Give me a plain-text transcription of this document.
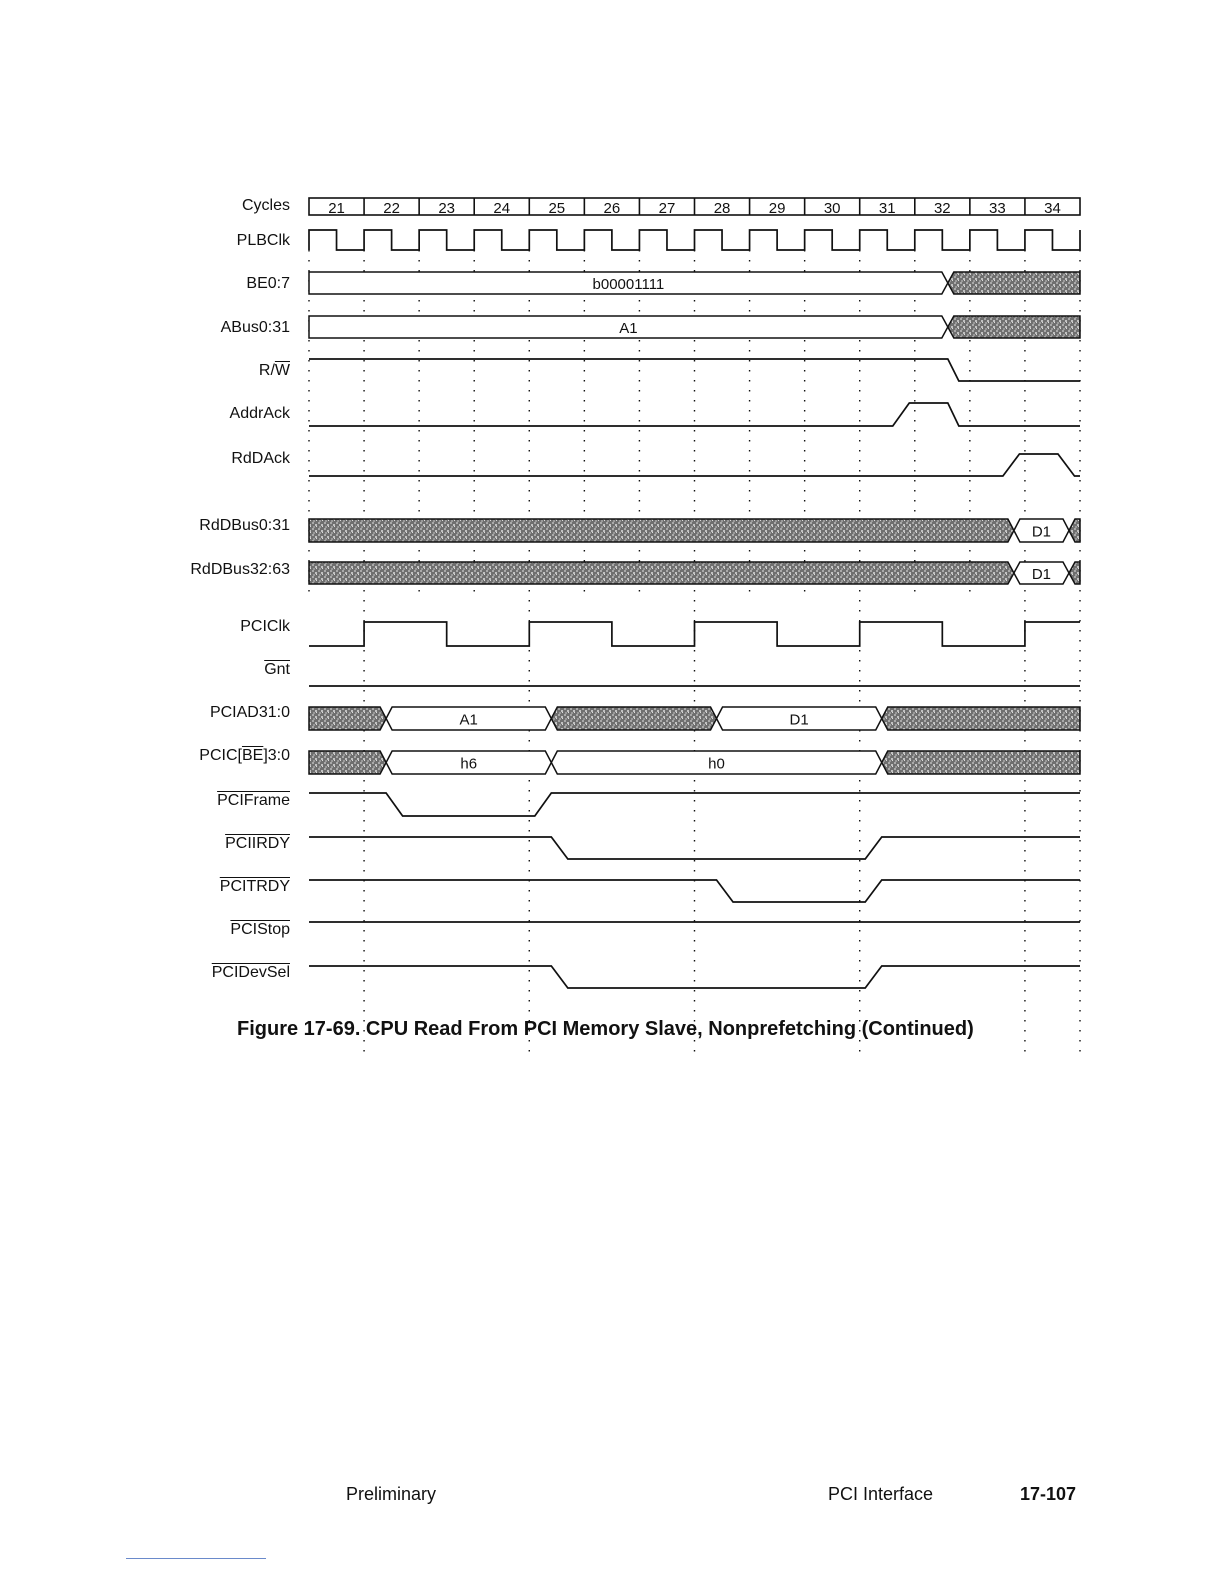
21	22	23	24	25	26	27	28	29	30	31	32	33	34
b00001111
A1
D1
D1
A1	D1
h6	h0
Cycles
PLBClk
BE0:7
ABus0:31
$R/\overline{W}$
AddrAck
RdDAck
RdDBus0:31
RdDBus32:63
PCIClk
$\overline{Gnt}$
PCIAD31:0
$PCIC[\overline{BE}]3:0$
PCIFrame
PCIIRDY
PCITRDY
PCIStop
PCIDevSel
Figure 17-69. CPU Read From PCI Memory Slave, Nonprefetching (Continued)
Preliminary	PCI Interface	17-107
